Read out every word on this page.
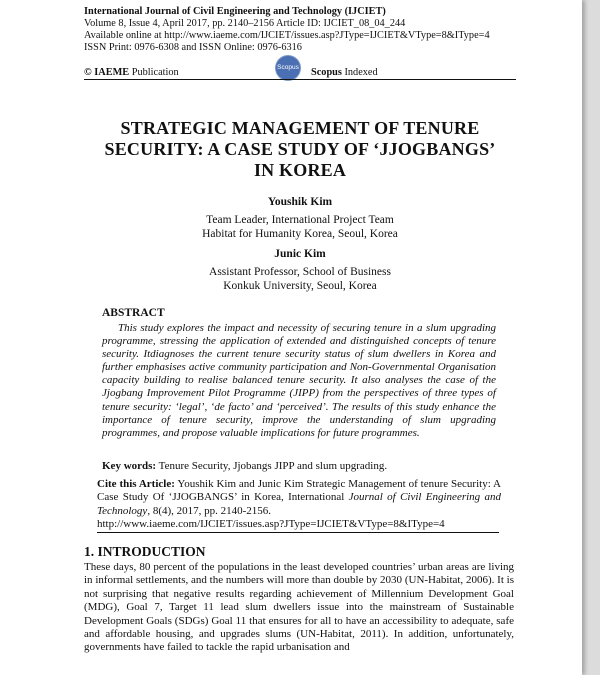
International Journal of Civil Engineering and Technology (IJCIET)
Volume 8, Issue 4, April 2017, pp. 2140–2156 Article ID: IJCIET_08_04_244
Available online at http://www.iaeme.com/IJCIET/issues.asp?JType=IJCIET&VType=8&IType=4
ISSN Print: 0976-6308 and ISSN Online: 0976-6316
© IAEME Publication	Scopus Scopus Indexed
STRATEGIC MANAGEMENT OF TENURE
SECURITY: A CASE STUDY OF ‘JJOGBANGS’
IN KOREA
Youshik Kim
Team Leader, International Project Team
Habitat for Humanity Korea, Seoul, Korea
Junic Kim
Assistant Professor, School of Business
Konkuk University, Seoul, Korea
ABSTRACT
This study explores the impact and necessity of securing tenure in a slum upgrading programme, stressing the application of extended and distinguished concepts of tenure security. Itdiagnoses the current tenure security status of slum dwellers in Korea and further emphasises active community participation and Non-Governmental Organisation capacity building to realise balanced tenure security. It also analyses the case of the Jjogbang Improvement Pilot Programme (JIPP) from the perspectives of three types of tenure security: ‘legal’, ‘de facto’ and ‘perceived’. The results of this study enhance the importance of tenure security, improve the understanding of slum upgrading programmes, and propose valuable implications for future programmes.
Key words: Tenure Security, Jjobangs JIPP and slum upgrading.
Cite this Article: Youshik Kim and Junic Kim Strategic Management of tenure Security: A Case Study Of ‘JJOGBANGS’ in Korea, International Journal of Civil Engineering and Technology, 8(4), 2017, pp. 2140-2156.
http://www.iaeme.com/IJCIET/issues.asp?JType=IJCIET&VType=8&IType=4
1. INTRODUCTION
These days, 80 percent of the populations in the least developed countries’ urban areas are living in informal settlements, and the numbers will more than double by 2030 (UN-Habitat, 2006). It is not surprising that negative results regarding achievement of Millennium Development Goal (MDG), Goal 7, Target 11 lead slum dwellers issue into the mainstream of Sustainable Development Goals (SDGs) Goal 11 that ensures for all to have an accessibility to adequate, safe and affordable housing, and upgrades slums (UN-Habitat, 2011). In addition, unfortunately, governments have failed to tackle the rapid urbanisation and
